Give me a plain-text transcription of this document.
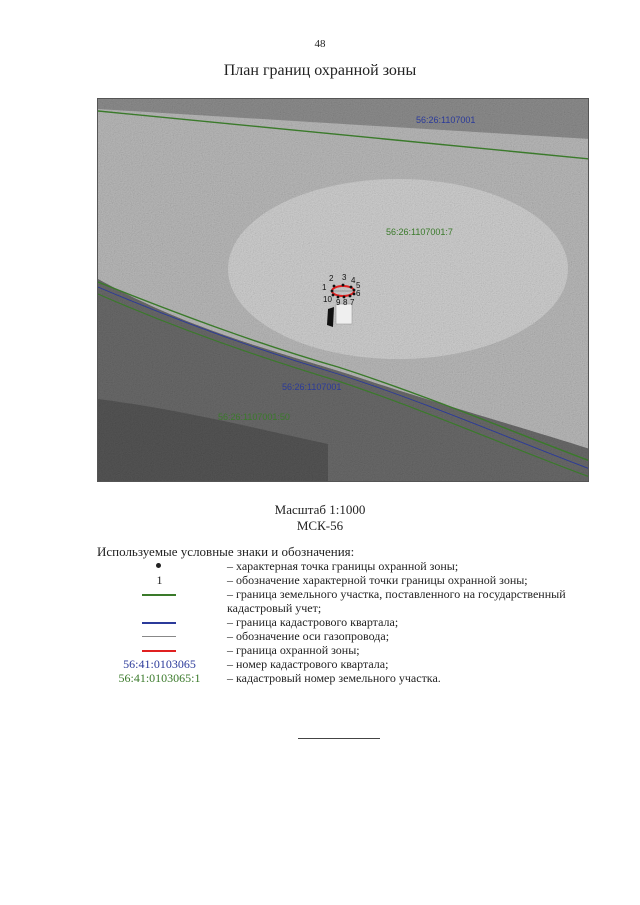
48
План границ охранной зоны
1
2 3 4
5
6
7
8
9
10
56:26:1107001
56:26:1107001:7
56:26:1107001
56:26:1107001:50
Масштаб 1:1000
МСК-56
Используемые условные знаки и обозначения:
– характерная точка границы охранной зоны;
1	– обозначение характерной точки границы охранной зоны;
– граница земельного участка, поставленного на государственный кадастровый учет;
– граница кадастрового квартала;
– обозначение оси газопровода;
– граница охранной зоны;
56:41:0103065	– номер кадастрового квартала;
56:41:0103065:1	– кадастровый номер земельного участка.
